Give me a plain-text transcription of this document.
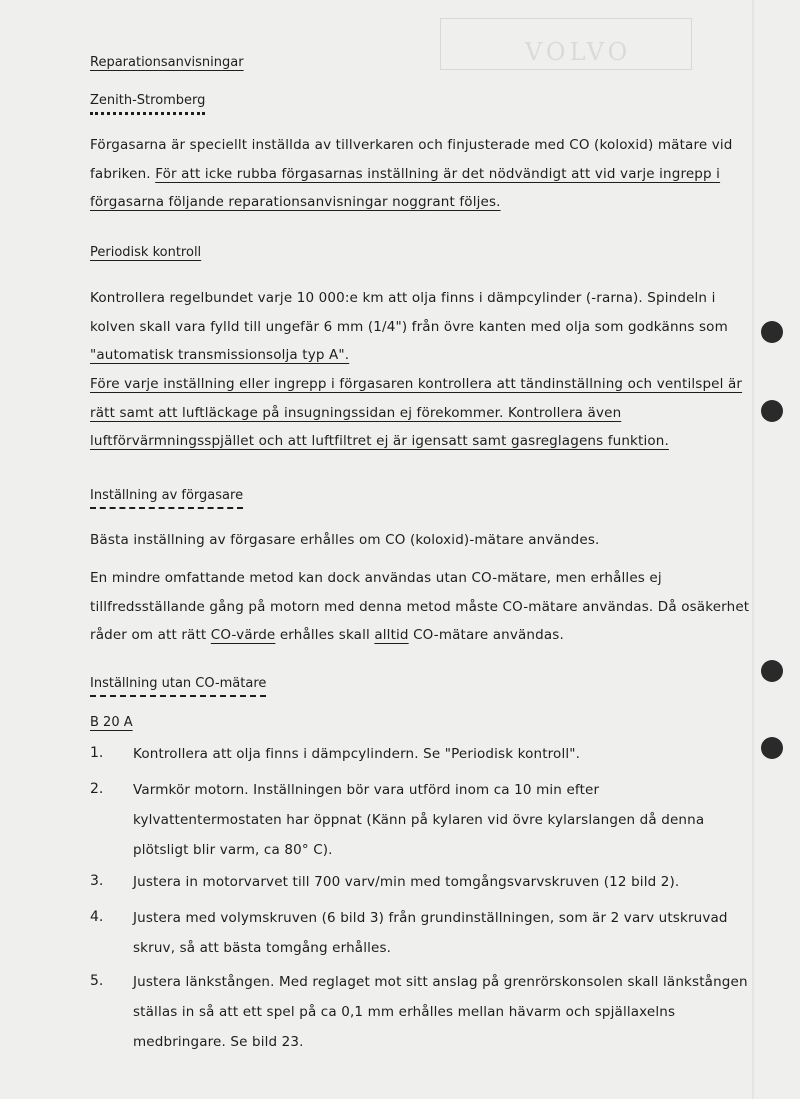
VOLVO
Reparationsanvisningar
Zenith-Stromberg
Förgasarna är speciellt inställda av tillverkaren och finjusterade med CO (koloxid) mätare vid fabriken. För att icke rubba förgasarnas inställning är det nödvändigt att vid varje ingrepp i förgasarna följande reparationsanvisningar noggrant följes.
Periodisk kontroll
Kontrollera regelbundet varje 10 000:e km att olja finns i dämpcylinder (-rarna). Spindeln i kolven skall vara fylld till ungefär 6 mm (1/4") från övre kanten med olja som godkänns som "automatisk transmissionsolja typ A".
Före varje inställning eller ingrepp i förgasaren kontrollera att tändinställning och ventilspel är rätt samt att luftläckage på insugningssidan ej förekommer. Kontrollera även luftförvärmningsspjället och att luftfiltret ej är igensatt samt gasreglagens funktion.
Inställning av förgasare
Bästa inställning av förgasare erhålles om CO (koloxid)-mätare användes.
En mindre omfattande metod kan dock användas utan CO-mätare, men erhålles ej tillfredsställande gång på motorn med denna metod måste CO-mätare användas. Då osäkerhet råder om att rätt CO-värde erhålles skall alltid CO-mätare användas.
Inställning utan CO-mätare
B 20 A
1.	Kontrollera att olja finns i dämpcylindern. Se "Periodisk kontroll".
2.	Varmkör motorn. Inställningen bör vara utförd inom ca 10 min efter kylvattentermostaten har öppnat (Känn på kylaren vid övre kylarslangen då denna plötsligt blir varm, ca 80° C).
3.	Justera in motorvarvet till 700 varv/min med tomgångsvarvskruven (12 bild 2).
4.	Justera med volymskruven (6 bild 3) från grundinställningen, som är 2 varv utskruvad skruv, så att bästa tomgång erhålles.
5.	Justera länkstången. Med reglaget mot sitt anslag på grenrörskonsolen skall länkstången ställas in så att ett spel på ca 0,1 mm erhålles mellan hävarm och spjällaxelns medbringare. Se bild 23.
